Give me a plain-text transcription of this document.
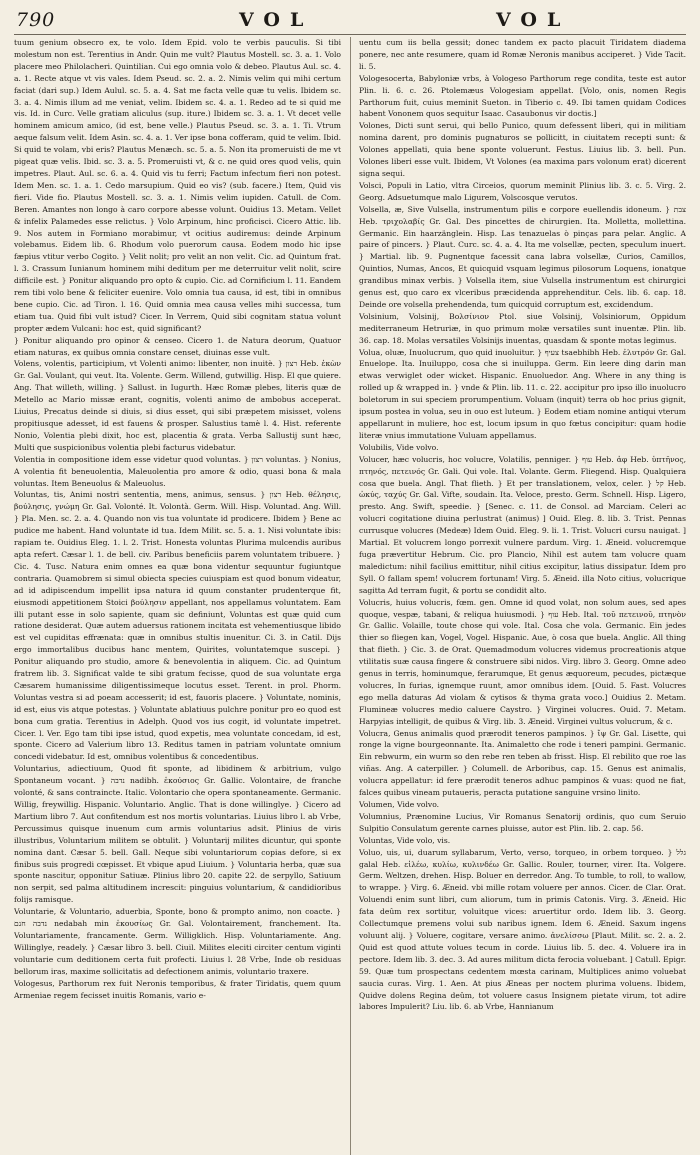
790	VOL	VOL

tuum genium obsecro ex, te volo. Idem Epid. volo te verbis pauculis. Si tibi molestum non est. Terentius in Andr. Quin me vult? Plautus Mostell. sc. 3. a. 1. Volo placere meo Philolacheri. Quintilian. Cui ego omnia volo & debeo. Plautus Aul. sc. 4. a. 1. Recte atque vt vis vales. Idem Pseud. sc. 2. a. 2. Nimis velim qui mihi certum faciat (dari sup.) Idem Aulul. sc. 5. a. 4. Sat me facta velle quæ tu velis. Ibidem sc. 3. a. 4. Nimis illum ad me veniat, velim. Ibidem sc. 4. a. 1. Redeo ad te si quid me vis. Id. in Curc. Velle gratiam aliculus (sup. iture.) Ibidem sc. 3. a. 1. Vt decet velle hominem amicum amico, (id est, bene velle.) Plautus Pseud. sc. 3. a. 1. Ti. Vtrum aeque falsum velit. Idem Asin. sc. 4. a. 1. Ver ipse bona cofferam, quid te velim. Ibid. Si quid te volam, vbi eris? Plautus Menæch. sc. 5. a. 5. Non ita promeruisti de me vt pigeat quæ velis. Ibid. sc. 3. a. 5. Promeruisti vt, & c. ne quid ores quod velis, quin impetres. Plaut. Aul. sc. 6. a. 4. Quid vis tu ferri; Factum infectum fieri non potest. Idem Men. sc. 1. a. 1. Cedo marsupium. Quid eo vis? (sub. facere.) Item, Quid vis fieri. Vide fio. Plautus Mostell. sc. 3. a. 1. Nimis velim iupiden. Catull. de Com. Beren. Amantes non longo à caro corpore abesse volunt. Ouidius 13. Metam. Vellet & infelix Palamedes esse relictus. } Volo Arpinum, hinc proficisci. Cicero Attic. lib. 9. Nos autem in Formiano morabimur, vt ocitius audiremus: deinde Arpinum volebamus. Eidem lib. 6. Rhodum volo puerorum causa. Eodem modo hic ipse fæpius vtitur verbo Cogito. } Velit nolit; pro velit an non velit. Cic. ad Quintum frat. l. 3. Crassum Iunianum hominem mihi deditum per me deterruitur velit nolit, scire difficile est. } Ponitur aliquando pro opto & cupio. Cic. ad Cornificium l. 11. Eandem rem tibi volo bene & feliciter euenire. Volo omnia tua causa, id est, tibi in omnibus bene cupio. Cic. ad Tiron. l. 16. Quid omnia mea causa velles mihi successa, tum etiam tua. Quid fibi vult istud? Cicer. In Verrem, Quid sibi cognitam statua volunt propter ædem Vulcani: hoc est, quid significant?

} Ponitur aliquando pro opinor & censeo. Cicero 1. de Natura deorum, Quatuor etiam naturas, ex quibus omnia constare censet, diuinas esse vult.

Volens, volentis, participium, vt Volenti animo: libenter, non inuitè. } רצון Heb. ἑκὼν Gr. Gal. Voulant, qui veut. Ita. Volente. Germ. Willend, gutwillig. Hisp. El que quiere. Ang. That willeth, willing. } Sallust. in Iugurth. Hæc Romæ plebes, literis quæ de Metello ac Mario missæ erant, cognitis, volenti animo de ambobus acceperat. Liuius, Precatus deinde si diuis, si dius esset, qui sibi præpetem misisset, volens propitiusque adesset, id est fauens & prosper. Salustius tamè l. 4. Hist. referente Nonio, Volentia plebi dixit, hoc est, placentia & grata. Verba Sallustij sunt hæc, Multi que suspicionibus volentia plebi facturus videbatur.

Volentia in compositione idem esse videtur quod voluntas. } רצון voluntas. } Nonius, A volentia fit beneuolentia, Maleuolentia pro amore & odio, quasi bona & mala voluntas. Item Beneuolus & Maleuolus.

Voluntas, tis, Animi nostri sententia, mens, animus, sensus. } רצון Heb. θέλησις, βούλησις, γνώμη Gr. Gal. Volonté. It. Volontà. Germ. Will. Hisp. Voluntad. Ang. Will. } Pla. Men. sc. 2. a. 4. Quando non vis tua voluntate id prodicere. Ibidem } Bene ac pudice me habent. Hand voluntate id tua. Idem Milit. sc. 5. a. 1. Nisi voluntate ibis: rapiam te. Ouidius Eleg. 1. l. 2. Trist. Honesta voluntas Plurima mulcendis auribus apta refert. Cæsar l. 1. de bell. civ. Paribus beneficiis parem voluntatem tribuere. } Cic. 4. Tusc. Natura enim omnes ea quæ bona videntur sequuntur fugiuntque contraria. Quamobrem si simul obiecta species cuiuspiam est quod bonum videatur, ad id adipiscendum impellit ipsa natura id quum constanter prudenterque fit, eiusmodi appetitionem Stoici βούλησιν appellant, nos appellamus voluntatem. Eam illi putant esse in solo sapiente, quam sic definiunt, Voluntas est quæ quid cum ratione desiderat. Quæ autem aduersus rationem incitata est vehementiusque libido est vel cupiditas effrænata: quæ in omnibus stultis inuenitur. Ci. 3. in Catil. Dijs ergo immortalibus ducibus hanc mentem, Quirites, voluntatemque suscepi. } Ponitur aliquando pro studio, amore & benevolentia in aliquem. Cic. ad Quintum fratrem lib. 3. Significat valde te sibi gratum fecisse, quod de sua voluntate erga Cæsarem humanissime diligentissimeque locutus esset. Terent. in prol. Phorm. Voluntas vestra si ad poeam accesserit; id est, fauoris placere. } Voluntate, nominis, id est, eius vis atque potestas. } Voluntate ablatiuus pulchre ponitur pro eo quod est bona cum gratia. Terentius in Adelph. Quod vos ius cogit, id voluntate impetret. Cicer. l. Ver. Ego tam tibi ipse istud, quod expetis, mea voluntate concedam, id est, sponte. Cicero ad Valerium libro 13. Reditus tamen in patriam voluntate omnium concedi videbatur. Id est, omnibus volentibus & concedentibus.

Voluntarius, adiectiuum, Quod fit sponte, ad libidinem & arbitrium, vulgo Spontaneum vocant. } נדבה nadibh. ἑκούσιος Gr. Gallic. Volontaire, de franche volonté, & sans contraincte. Italic. Volontario che opera spontaneamente. Germanic. Willig, freywillig. Hispanic. Voluntario. Anglic. That is done willinglye. } Cicero ad Martium libro 7. Aut confitendum est nos mortis voluntarias. Liuius libro l. ab Vrbe, Percussimus quisque inuenum cum armis voluntarius adsit. Plinius de viris illustribus, Voluntarium militem se obtulit. } Voluntarij milites dicuntur, qui sponte nomina dant. Cæsar 5. bell. Gall. Neque sibi voluntariorum copias defore, si ex finibus suis progredi cœpisset. Et vbique apud Liuium. } Voluntaria herba, quæ sua sponte nascitur, opponitur Satiuæ. Plinius libro 20. capite 22. de serpyllo, Satiuum non serpit, sed palma altitudinem increscit: pinguius voluntarium, & candidioribus folijs ramisque.

Voluntarie, & Voluntario, aduerbia, Sponte, bono & prompto animo, non coacte. } נדבה חנם nedabah min ἑκουσίως Gr. Gal. Volontairement, franchement. Ita. Voluntariamente, francamente. Germ. Willigklich. Hisp. Voluntariamente. Ang. Willinglye, readely. } Cæsar libro 3. bell. Ciuil. Milites eleciti circiter centum viginti voluntarie cum deditionem certa fuit profecti. Liuius l. 28 Vrbe, Inde ob residuas bellorum iras, maxime sollicitatis ad defectionem animis, voluntario traxere.

Vologesus, Parthorum rex fuit Neronis temporibus, & frater Tiridatis, quem quum Armeniae regem fecisset inuitis Romanis, vario e-

uentu cum iis bella gessit; donec tandem ex pacto placuit Tiridatem diadema ponere, nec ante resumere, quam id Romæ Neronis manibus acciperet. } Vide Tacit. li. 5.

Vologesocerta, Babyloniæ vrbs, à Vologeso Parthorum rege condita, teste est autor Plin. li. 6. c. 26. Ptolemæus Vologesiam appellat. [Volo, onis, nomen Regis Parthorum fuit, cuius meminit Sueton. in Tiberio c. 49. Ibi tamen quidam Codices habent Vononem quos sequitur Isaac. Casaubonus vir doctis.]

Volones, Dicti sunt serui, qui bello Punico, quum defessent liberi, qui in militiam nomina darent, pro dominis pugnaturos se pollicitt, in ciuitatem recepti sunt: & Volones appellati, quia bene sponte voluerunt. Festus. Liuius lib. 3. bell. Pun. Volones liberi esse vult. Ibidem, Vt Volones (ea maxima pars volonum erat) dicerent signa sequi.

Volsci, Populi in Latio, vltra Circeios, quorum meminit Plinius lib. 3. c. 5. Virg. 2. Georg. Adsuetumque malo Ligurem, Volscosque verutos.

Volsella, æ, Sive Vulsella, instrumentum pilis e corpore euellendis idoneum. } צבת Heb. τριχολαβίς Gr. Gal. Des pincettes de chirurgien. Ita. Molletta, mollettina. Germanic. Ein haarzänglein. Hisp. Las tenazuelas ò pinças para pelar. Anglic. A paire of pincers. } Plaut. Curc. sc. 4. a. 4. Ita me volsellæ, pecten, speculum inuert. } Martial. lib. 9. Pugnentque facessit cana labra volsellæ, Curios, Camillos, Quintios, Numas, Ancos, Et quicquid vsquam legimus pilosorum Loquens, ionatque grandibus minax verbis. } Volsella item, siue Vulsella instrumentum est chirurgici genus est, quo caro ex vlceribus præcidenda apprehenditur. Cels. lib. 6. cap. 18. Deinde ore volsella prehendenda, tum quicquid corruptum est, excidendum.

Volsinium, Volsinij, Βολσίνιον Ptol. siue Volsinij, Volsiniorum, Oppidum mediterraneum Hetruriæ, in quo primum molæ versatiles sunt inuentæ. Plin. lib. 36. cap. 18. Molas versatiles Volsinijs inuentas, quasdam & sponte motas legimus.

Volua, oluæ, Inuolucrum, quo quid inuoluitur. } צעיף tsaebhibh Heb. ἐλυτρόν Gr. Gal. Enuelope. Ita. Inuiluppo, cosa che si inuiluppa. Germ. Ein leere ding darin man etwas verwiglet oder wicket. Hispanic. Enuoluedor. Ang. Where in any thing is rolled up & wrapped in. } vnde & Plin. lib. 11. c. 22. accipitur pro ipso illo inuolucro boletorum in sui speciem prorumpentium. Voluam (inquit) terra ob hoc prius gignit, ipsum postea in volua, seu in ouo est luteum. } Eodem etiam nomine antiqui vterum appellarunt in muliere, hoc est, locum ipsum in quo fœtus concipitur: quam hodie literæ vnius immutatione Vuluam appellamus.

Volubilis, Vide volvo.

Volucer, hæc volucris, hoc volucre, Volatilis, penniger. } עוף Heb. ἀφ Heb. ὑπτῆνος, πτηνός, πετεινός Gr. Gali. Qui vole. Ital. Volante. Germ. Fliegend. Hisp. Qualquiera cosa que buela. Angl. That flieth. } Et per translationem, velox, celer. } קל Heb. ὠκύς, ταχύς Gr. Gal. Vifte, soudain. Ita. Veloce, presto. Germ. Schnell. Hisp. Ligero, presto. Ang. Swift, speedie. } [Senec. c. 11. de Consol. ad Marciam. Celeri ac volucri cogitatione diuina perlustrat (animus) ] Ouid. Eleg. 8. lib. 3. Trist. Pennas currusque volucres (Medeæ) Idem Ouid. Eleg. 9. li. 1. Trist. Volucri cursu nauigat. ] Martial. Et volucrem longo porrexit vulnere pardum. Virg. 1. Æneid. volucremque fuga prævertitur Hebrum. Cic. pro Plancio, Nihil est autem tam volucre quam maledictum: nihil facilius emittitur, nihil citius excipitur, latius dissipatur. Idem pro Syll. O fallam spem! volucrem fortunam! Virg. 5. Æneid. illa Noto citius, volucrique sagitta Ad terram fugit, & portu se condidit alto.

Volucris, huius volucris, fœm. gen. Omne id quod volat, non solum aues, sed apes quoque, vespæ, tabani, & reliqua huiusmodi. } עוף Heb. Ital. τοῦ πετεινοῦ, πτηνὸν Gr. Gallic. Volaille, toute chose qui vole. Ital. Cosa che vola. Germanic. Ein jedes thier so fliegen kan, Vogel, Vogel. Hispanic. Aue, ò cosa que buela. Anglic. All thing that flieth. } Cic. 3. de Orat. Quemadmodum volucres videmus procreationis atque vtilitatis suæ causa fingere & construere sibi nidos. Virg. libro 3. Georg. Omne adeo genus in terris, hominumque, ferarumque, Et genus æquoreum, pecudes, pictæque volucres, In furias, ignemque ruunt, amor omnibus idem. [Ouid. 5. Fast. Volucres ego mella daturas Ad violam & cytisos & thyma grata voco.] Ouidius 2. Metam. Flumineæ volucres medio caluere Caystro. } Virginei volucres. Ouid. 7. Metam. Harpyias intelligit, de quibus & Virg. lib. 3. Æneid. Virginei vultus volucrum, & c.

Volucra, Genus animalis quod prærodit teneros pampinos. } ἴψ Gr. Gal. Lisette, qui ronge la vigne bourgeonnante. Ita. Animaletto che rode i teneri pampini. Germanic. Ein rebwurm, ein wurm so den rebe ren teben ab frisst. Hisp. El rebilito que roe las viñas. Ang. A caterpiller. } Columell. de Arboribus, cap. 15. Genus est animalis, volucra appellatur: id fere prærodit teneros adhuc pampinos & vuas: quod ne fiat, falces quibus vineam putaueris, peracta putatione sanguine vrsino linito.

Volumen, Vide volvo.

Volumnius, Prænomine Lucius, Vir Romanus Senatorij ordinis, quo cum Seruio Sulpitio Consulatum gerente carnes pluisse, autor est Plin. lib. 2. cap. 56.

Voluntas, Vide volo, vis.

Voluo, uis, ui, duarum syllabarum, Verto, verso, torqueo, in orbem torqueo. } גלל galal Heb. εἰλέω, κυλίω, κυλινδέω Gr. Gallic. Rouler, tourner, virer. Ita. Volgere. Germ. Weltzen, drehen. Hisp. Boluer en derredor. Ang. To tumble, to roll, to wallow, to wrappe. } Virg. 6. Æneid. vbi mille rotam voluere per annos. Cicer. de Clar. Orat. Voluendi enim sunt libri, cum aliorum, tum in primis Catonis. Virg. 3. Æneid. Hic fata deûm rex sortitur, voluitque vices: aruertitur ordo. Idem lib. 3. Georg. Collectumque premens volui sub naribus ignem. Idem 6. Æneid. Saxum ingens voluunt alij. } Voluere, cogitare, versare animo. ἀνελίσσω [Plaut. Milit. sc. 2. a. 2. Quid est quod attute volues tecum in corde. Liuius lib. 5. dec. 4. Voluere ira in pectore. Idem lib. 3. dec. 3. Ad aures militum dicta ferocia voluebant. ] Catull. Epigr. 59. Quæ tum prospectans cedentem mœsta carinam, Multiplices animo voluebat saucia curas. Virg. 1. Aen. At pius Æneas per noctem plurima voluens. Ibidem, Quidve dolens Regina deûm, tot voluere casus Insignem pietate virum, tot adire labores Impulerit? Liu. lib. 6. ab Vrbe, Hannianum
